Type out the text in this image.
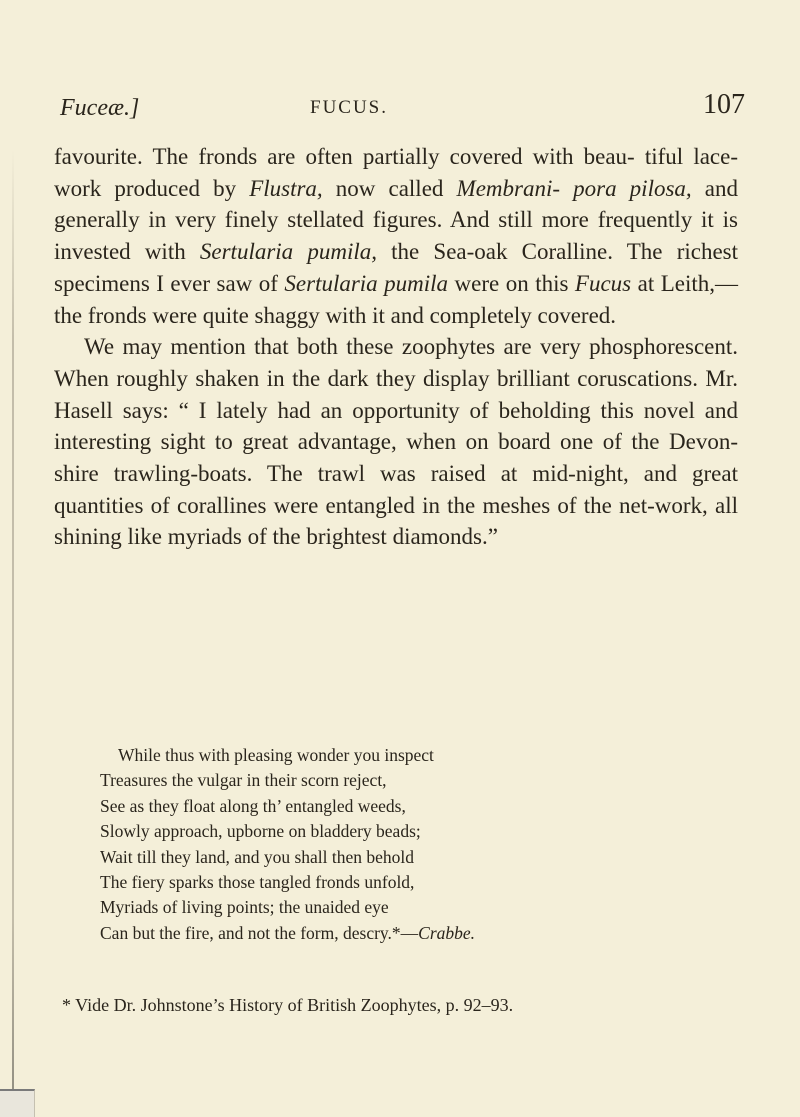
Fuceæ.]	FUCUS.	107

favourite. The fronds are often partially covered with beau- tiful lace-work produced by Flustra, now called Membrani- pora pilosa, and generally in very finely stellated figures. And still more frequently it is invested with Sertularia pumila, the Sea-oak Coralline. The richest specimens I ever saw of Sertularia pumila were on this Fucus at Leith,—the fronds were quite shaggy with it and completely covered.

We may mention that both these zoophytes are very phosphorescent. When roughly shaken in the dark they display brilliant coruscations. Mr. Hasell says: “ I lately had an opportunity of beholding this novel and interesting sight to great advantage, when on board one of the Devon- shire trawling-boats. The trawl was raised at mid-night, and great quantities of corallines were entangled in the meshes of the net-work, all shining like myriads of the brightest diamonds.”

While thus with pleasing wonder you inspect
Treasures the vulgar in their scorn reject,
See as they float along th’ entangled weeds,
Slowly approach, upborne on bladdery beads;
Wait till they land, and you shall then behold
The fiery sparks those tangled fronds unfold,
Myriads of living points; the unaided eye
Can but the fire, and not the form, descry.*—Crabbe.
* Vide Dr. Johnstone’s History of British Zoophytes, p. 92–93.
